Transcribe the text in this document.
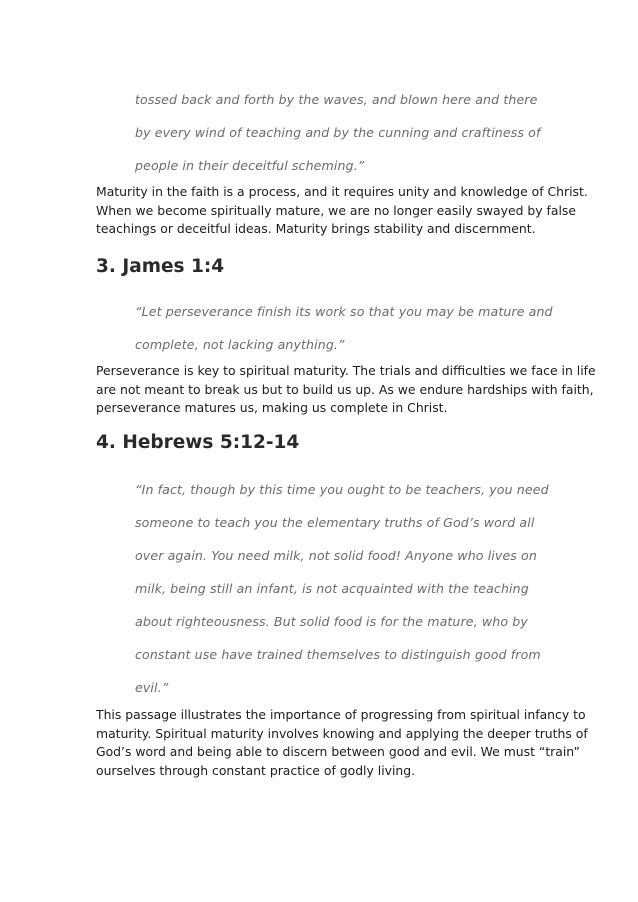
tossed back and forth by the waves, and blown here and there
by every wind of teaching and by the cunning and craftiness of
people in their deceitful scheming.”
Maturity in the faith is a process, and it requires unity and knowledge of Christ.
When we become spiritually mature, we are no longer easily swayed by false
teachings or deceitful ideas. Maturity brings stability and discernment.
3. James 1:4
“Let perseverance finish its work so that you may be mature and
complete, not lacking anything.”
Perseverance is key to spiritual maturity. The trials and difficulties we face in life
are not meant to break us but to build us up. As we endure hardships with faith,
perseverance matures us, making us complete in Christ.
4. Hebrews 5:12-14
“In fact, though by this time you ought to be teachers, you need
someone to teach you the elementary truths of God’s word all
over again. You need milk, not solid food! Anyone who lives on
milk, being still an infant, is not acquainted with the teaching
about righteousness. But solid food is for the mature, who by
constant use have trained themselves to distinguish good from
evil.”
This passage illustrates the importance of progressing from spiritual infancy to
maturity. Spiritual maturity involves knowing and applying the deeper truths of
God’s word and being able to discern between good and evil. We must “train”
ourselves through constant practice of godly living.
